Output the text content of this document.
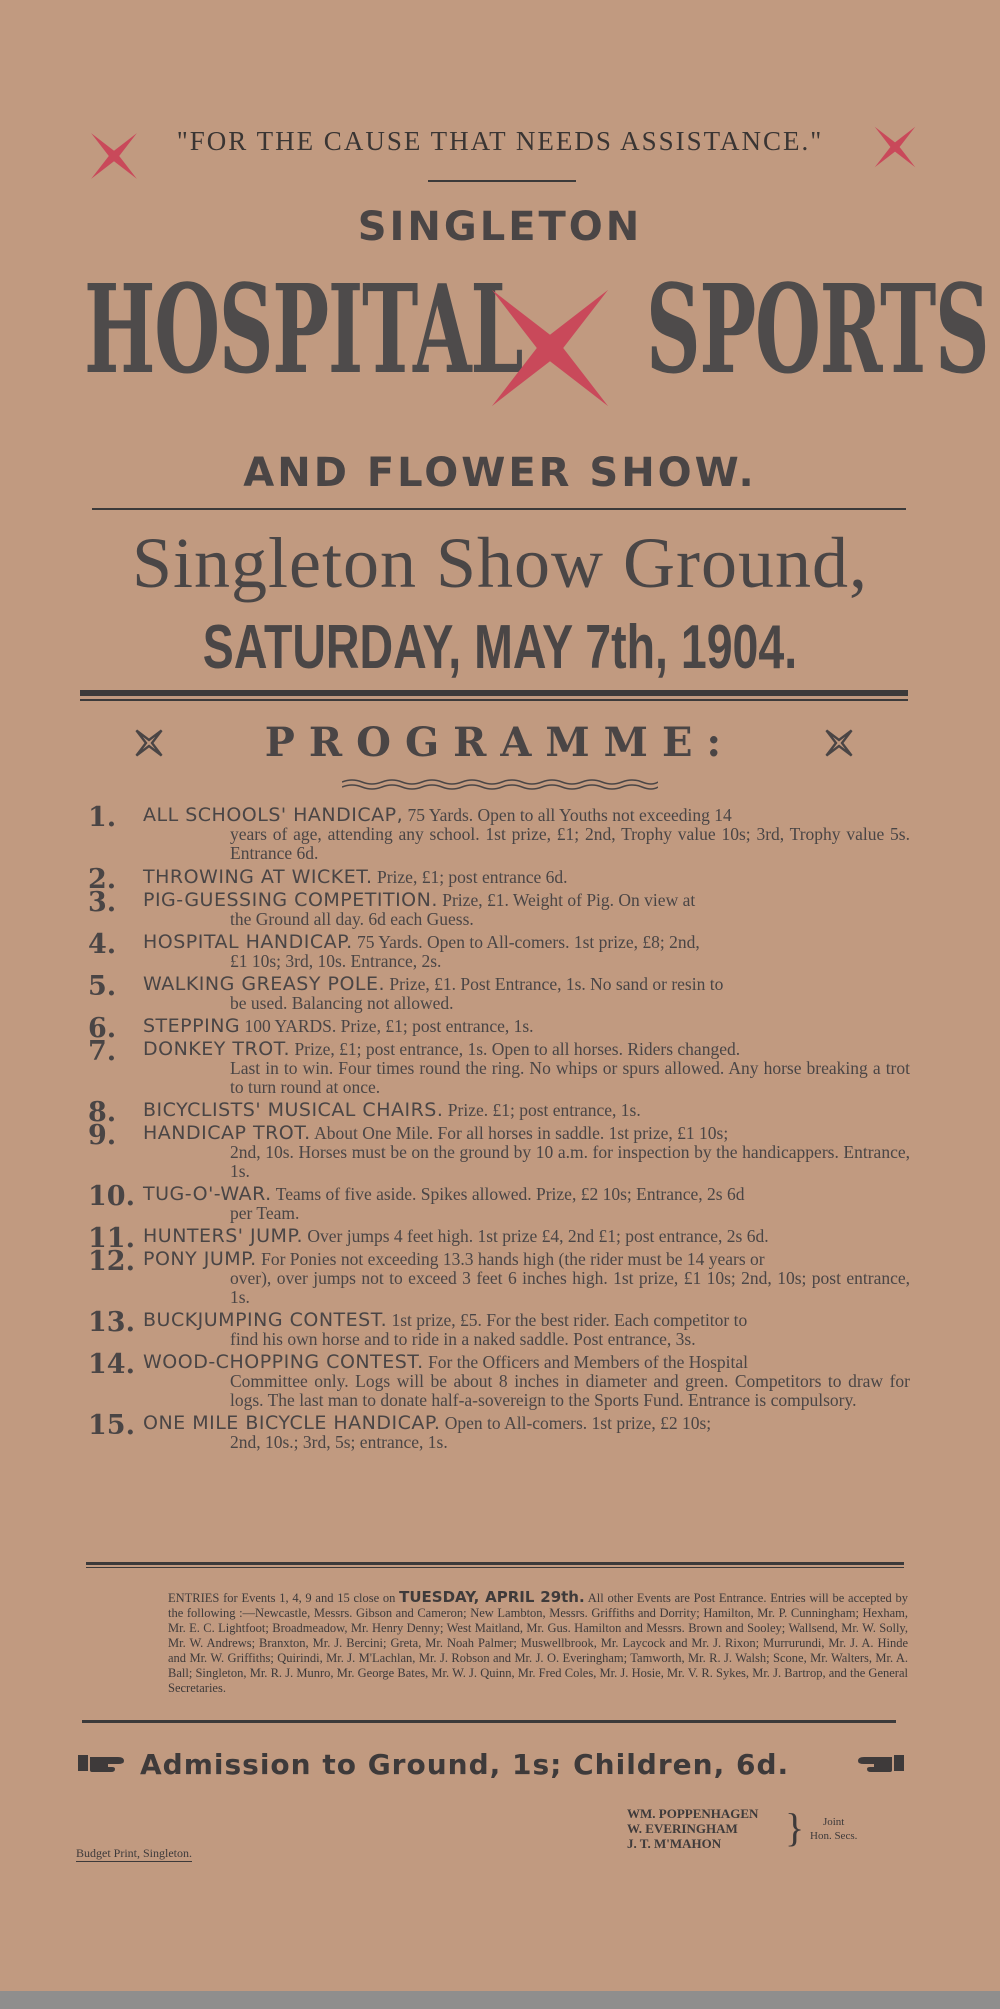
"FOR THE CAUSE THAT NEEDS ASSISTANCE."
SINGLETON
HOSPITAL SPORTS
AND FLOWER SHOW.
Singleton Show Ground,
SATURDAY, MAY 7th, 1904.
PROGRAMME:
1.	ALL SCHOOLS' HANDICAP, 75 Yards. Open to all Youths not exceeding 14
years of age, attending any school. 1st prize, £1; 2nd, Trophy value 10s; 3rd, Trophy value 5s. Entrance 6d.
2.	THROWING AT WICKET. Prize, £1; post entrance 6d.
3.	PIG-GUESSING COMPETITION. Prize, £1. Weight of Pig. On view at
the Ground all day. 6d each Guess.
4.	HOSPITAL HANDICAP. 75 Yards. Open to All-comers. 1st prize, £8; 2nd,
£1 10s; 3rd, 10s. Entrance, 2s.
5.	WALKING GREASY POLE. Prize, £1. Post Entrance, 1s. No sand or resin to
be used. Balancing not allowed.
6.	STEPPING 100 YARDS. Prize, £1; post entrance, 1s.
7.	DONKEY TROT. Prize, £1; post entrance, 1s. Open to all horses. Riders changed.
Last in to win. Four times round the ring. No whips or spurs allowed. Any horse breaking a trot to turn round at once.
8.	BICYCLISTS' MUSICAL CHAIRS. Prize. £1; post entrance, 1s.
9.	HANDICAP TROT. About One Mile. For all horses in saddle. 1st prize, £1 10s;
2nd, 10s. Horses must be on the ground by 10 a.m. for inspection by the handicappers. Entrance, 1s.
10. TUG-O'-WAR. Teams of five aside. Spikes allowed. Prize, £2 10s; Entrance, 2s 6d
per Team.
11. HUNTERS' JUMP. Over jumps 4 feet high. 1st prize £4, 2nd £1; post entrance, 2s 6d.
12. PONY JUMP. For Ponies not exceeding 13.3 hands high (the rider must be 14 years or
over), over jumps not to exceed 3 feet 6 inches high. 1st prize, £1 10s; 2nd, 10s; post entrance, 1s.
13. BUCKJUMPING CONTEST. 1st prize, £5. For the best rider. Each competitor to
find his own horse and to ride in a naked saddle. Post entrance, 3s.
14. WOOD-CHOPPING CONTEST. For the Officers and Members of the Hospital
Committee only. Logs will be about 8 inches in diameter and green. Competitors to draw for logs. The last man to donate half-a-sovereign to the Sports Fund. Entrance is compulsory.
15. ONE MILE BICYCLE HANDICAP. Open to All-comers. 1st prize, £2 10s;
2nd, 10s.; 3rd, 5s; entrance, 1s.
ENTRIES for Events 1, 4, 9 and 15 close on TUESDAY, APRIL 29th. All other Events are Post Entrance. Entries will be accepted by the following :—Newcastle, Messrs. Gibson and Cameron; New Lambton, Messrs. Griffiths and Dorrity; Hamilton, Mr. P. Cunningham; Hexham, Mr. E. C. Lightfoot; Broadmeadow, Mr. Henry Denny; West Maitland, Mr. Gus. Hamilton and Messrs. Brown and Sooley; Wallsend, Mr. W. Solly, Mr. W. Andrews; Branxton, Mr. J. Bercini; Greta, Mr. Noah Palmer; Muswellbrook, Mr. Laycock and Mr. J. Rixon; Murrurundi, Mr. J. A. Hinde and Mr. W. Griffiths; Quirindi, Mr. J. M'Lachlan, Mr. J. Robson and Mr. J. O. Everingham; Tamworth, Mr. R. J. Walsh; Scone, Mr. Walters, Mr. A. Ball; Singleton, Mr. R. J. Munro, Mr. George Bates, Mr. W. J. Quinn, Mr. Fred Coles, Mr. J. Hosie, Mr. V. R. Sykes, Mr. J. Bartrop, and the General Secretaries.
Admission to Ground, 1s; Children, 6d.
Budget Print, Singleton.
WM. POPPENHAGEN
W. EVERINGHAM
J. T. M'MAHON	}	Joint
Hon. Secs.
